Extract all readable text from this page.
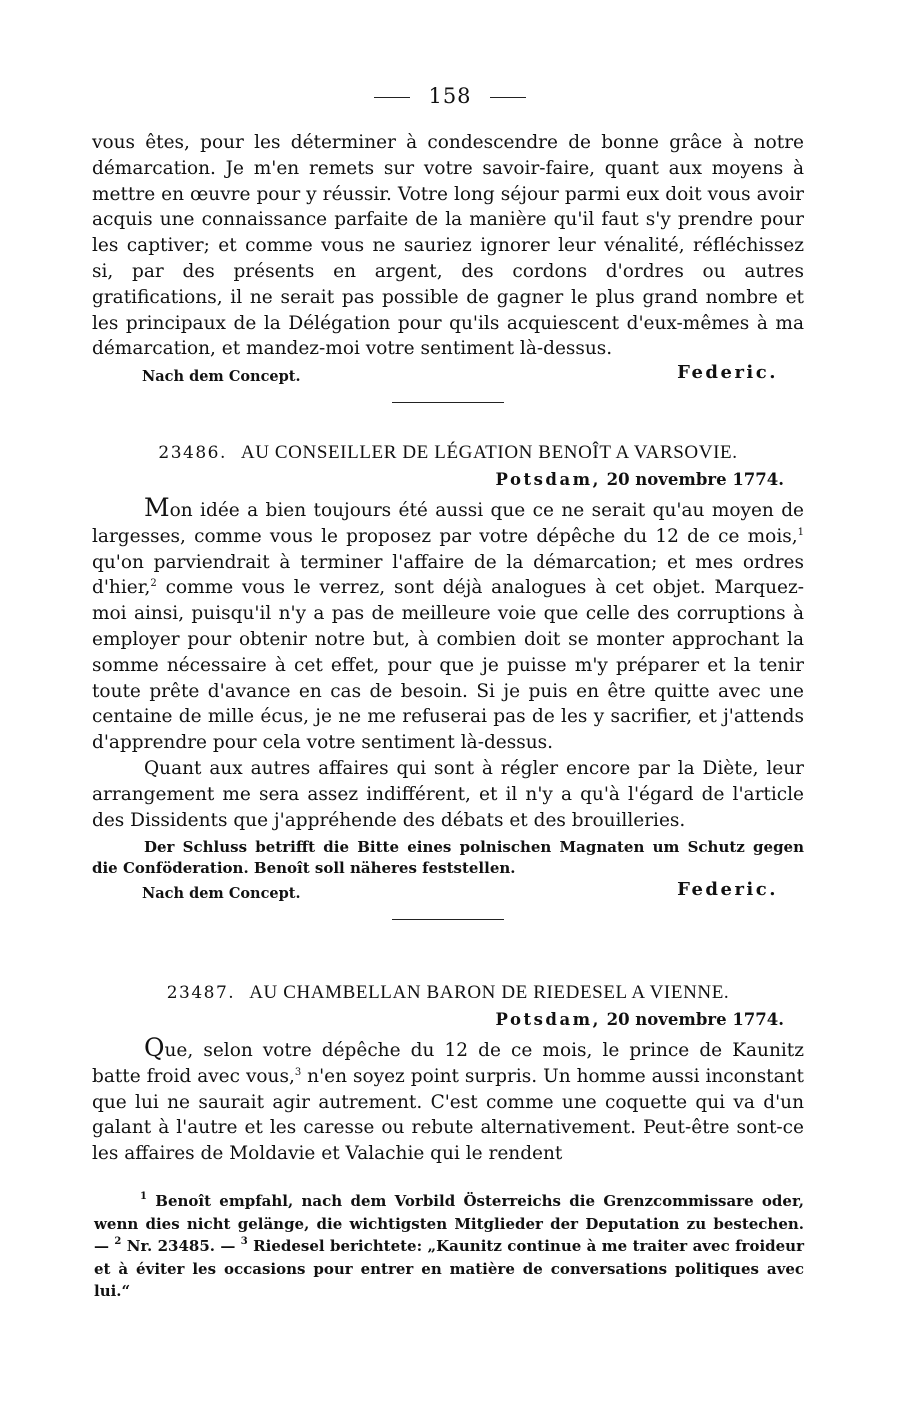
158

vous êtes, pour les déterminer à condescendre de bonne grâce à notre démarcation. Je m'en remets sur votre savoir-faire, quant aux moyens à mettre en œuvre pour y réussir. Votre long séjour parmi eux doit vous avoir acquis une connaissance parfaite de la manière qu'il faut s'y prendre pour les captiver; et comme vous ne sauriez ignorer leur vénalité, réfléchissez si, par des présents en argent, des cordons d'ordres ou autres gratifications, il ne serait pas possible de gagner le plus grand nombre et les principaux de la Délégation pour qu'ils acquiescent d'eux-mêmes à ma démarcation, et mandez-moi votre sentiment là-dessus.

Nach dem Concept.	Federic.

23486. AU CONSEILLER DE LÉGATION BENOÎT A VARSOVIE.

Potsdam, 20 novembre 1774.

Mon idée a bien toujours été aussi que ce ne serait qu'au moyen de largesses, comme vous le proposez par votre dépêche du 12 de ce mois,$^1$ qu'on parviendrait à terminer l'affaire de la démarcation; et mes ordres d'hier,$^2$ comme vous le verrez, sont déjà analogues à cet objet. Marquez-moi ainsi, puisqu'il n'y a pas de meilleure voie que celle des corruptions à employer pour obtenir notre but, à combien doit se monter approchant la somme nécessaire à cet effet, pour que je puisse m'y préparer et la tenir toute prête d'avance en cas de besoin. Si je puis en être quitte avec une centaine de mille écus, je ne me refuserai pas de les y sacrifier, et j'attends d'apprendre pour cela votre sentiment là-dessus.

Quant aux autres affaires qui sont à régler encore par la Diète, leur arrangement me sera assez indifférent, et il n'y a qu'à l'égard de l'article des Dissidents que j'appréhende des débats et des brouilleries.

Der Schluss betrifft die Bitte eines polnischen Magnaten um Schutz gegen die Conföderation. Benoît soll näheres feststellen.

Nach dem Concept.	Federic.

23487. AU CHAMBELLAN BARON DE RIEDESEL A VIENNE.

Potsdam, 20 novembre 1774.

Que, selon votre dépêche du 12 de ce mois, le prince de Kaunitz batte froid avec vous,$^3$ n'en soyez point surpris. Un homme aussi inconstant que lui ne saurait agir autrement. C'est comme une coquette qui va d'un galant à l'autre et les caresse ou rebute alternativement. Peut-être sont-ce les affaires de Moldavie et Valachie qui le rendent

$^1$ Benoît empfahl, nach dem Vorbild Österreichs die Grenzcommissare oder, wenn dies nicht gelänge, die wichtigsten Mitglieder der Deputation zu bestechen. — $^2$ Nr. 23485. — $^3$ Riedesel berichtete: „Kaunitz continue à me traiter avec froideur et à éviter les occasions pour entrer en matière de conversations politiques avec lui.“
